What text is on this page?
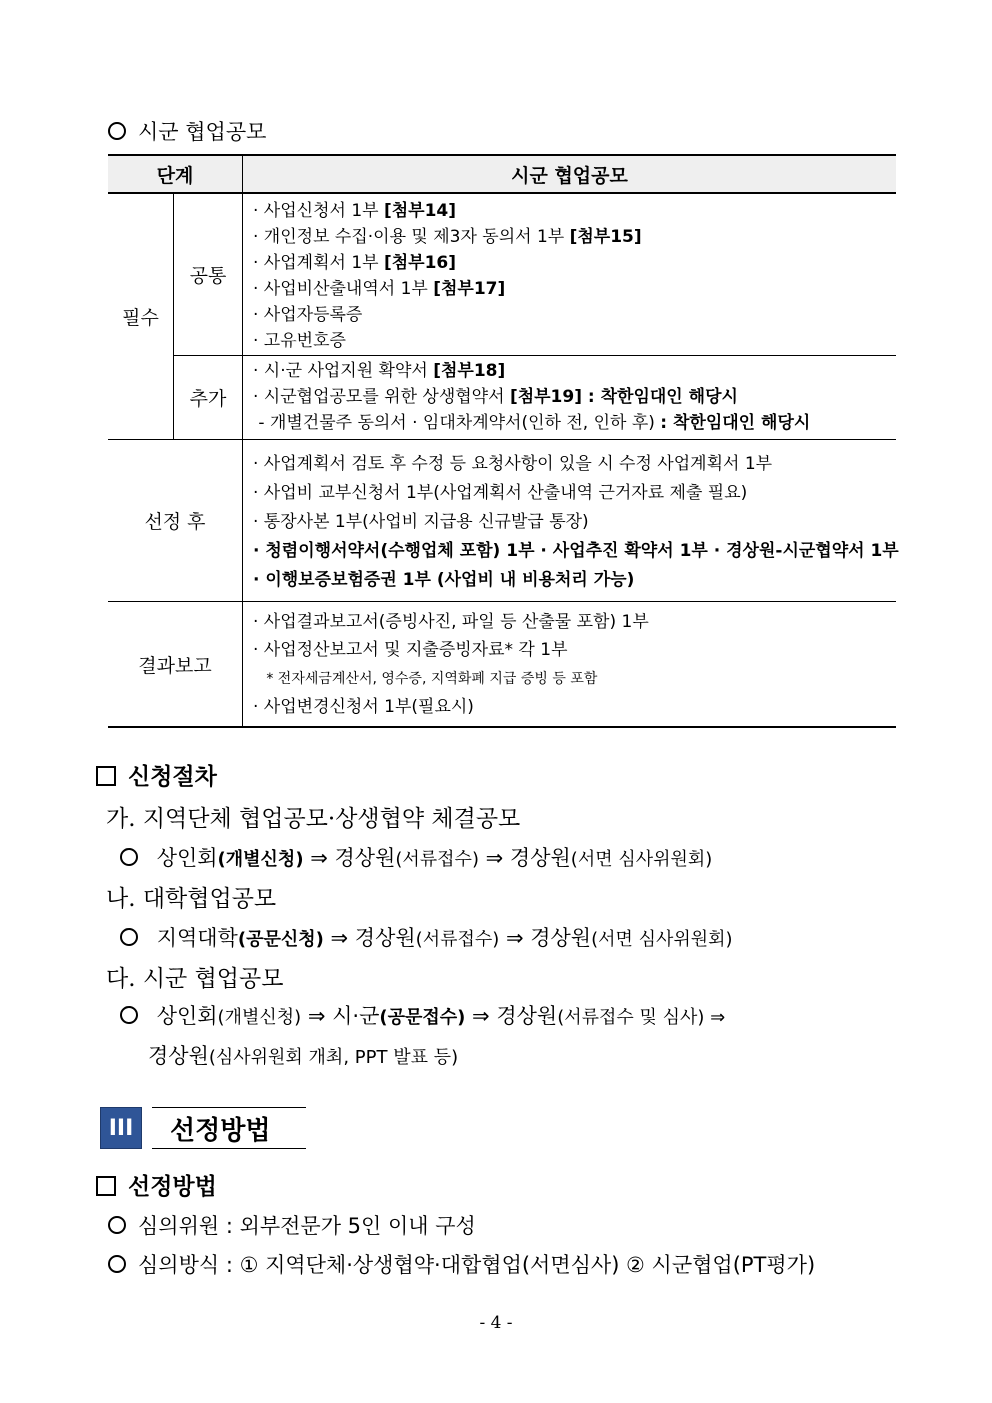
시군 협업공모
단계	시군 협업공모
필수
공통
추가
선정 후
결과보고
· 사업신청서 1부 [첨부14]
· 개인정보 수집·이용 및 제3자 동의서 1부 [첨부15]
· 사업계획서 1부 [첨부16]
· 사업비산출내역서 1부 [첨부17]
· 사업자등록증
· 고유번호증
· 시·군 사업지원 확약서 [첨부18]
· 시군협업공모를 위한 상생협약서 [첨부19] : 착한임대인 해당시
- 개별건물주 동의서 · 임대차계약서(인하 전, 인하 후) : 착한임대인 해당시
· 사업계획서 검토 후 수정 등 요청사항이 있을 시 수정 사업계획서 1부
· 사업비 교부신청서 1부(사업계획서 산출내역 근거자료 제출 필요)
· 통장사본 1부(사업비 지급용 신규발급 통장)
· 청렴이행서약서(수행업체 포함) 1부 · 사업추진 확약서 1부 · 경상원-시군협약서 1부
· 이행보증보험증권 1부 (사업비 내 비용처리 가능)
· 사업결과보고서(증빙사진, 파일 등 산출물 포함) 1부
· 사업정산보고서 및 지출증빙자료* 각 1부
* 전자세금계산서, 영수증, 지역화폐 지급 증빙 등 포함
· 사업변경신청서 1부(필요시)
신청절차
가. 지역단체 협업공모·상생협약 체결공모
상인회(개별신청) ⇒ 경상원(서류접수) ⇒ 경상원(서면 심사위원회)
나. 대학협업공모
지역대학(공문신청) ⇒ 경상원(서류접수) ⇒ 경상원(서면 심사위원회)
다. 시군 협업공모
상인회(개별신청) ⇒ 시·군(공문접수) ⇒ 경상원(서류접수 및 심사) ⇒
경상원(심사위원회 개최, PPT 발표 등)
III 선정방법
선정방법
심의위원 : 외부전문가 5인 이내 구성
심의방식 : ① 지역단체·상생협약·대합협업(서면심사) ② 시군협업(PT평가)
- 4 -
